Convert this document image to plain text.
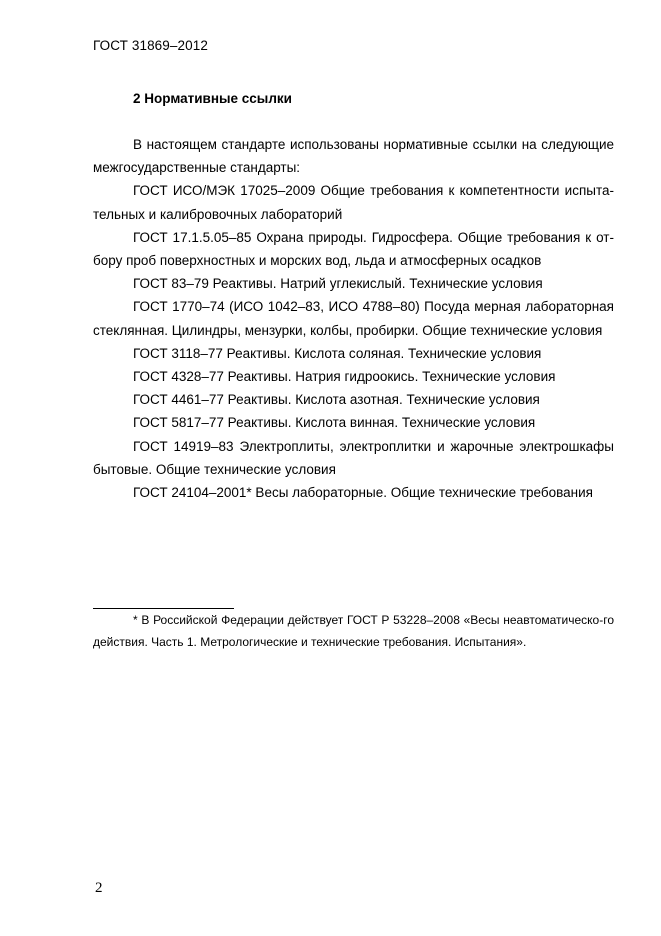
ГОСТ 31869–2012
2 Нормативные ссылки

В настоящем стандарте использованы нормативные ссылки на следующие межгосударственные стандарты:

ГОСТ ИСО/МЭК 17025–2009 Общие требования к компетентности испыта-тельных и калибровочных лабораторий

ГОСТ 17.1.5.05–85 Охрана природы. Гидросфера. Общие требования к от-бору проб поверхностных и морских вод, льда и атмосферных осадков

ГОСТ 83–79 Реактивы. Натрий углекислый. Технические условия

ГОСТ 1770–74 (ИСО 1042–83, ИСО 4788–80) Посуда мерная лабораторная стеклянная. Цилиндры, мензурки, колбы, пробирки. Общие технические условия

ГОСТ 3118–77 Реактивы. Кислота соляная. Технические условия

ГОСТ 4328–77 Реактивы. Натрия гидроокись. Технические условия

ГОСТ 4461–77 Реактивы. Кислота азотная. Технические условия

ГОСТ 5817–77 Реактивы. Кислота винная. Технические условия

ГОСТ 14919–83 Электроплиты, электроплитки и жарочные электрошкафы бытовые. Общие технические условия

ГОСТ 24104–2001* Весы лабораторные. Общие технические требования

* В Российской Федерации действует ГОСТ Р 53228–2008 «Весы неавтоматическо-го действия. Часть 1. Метрологические и технические требования. Испытания».

2
